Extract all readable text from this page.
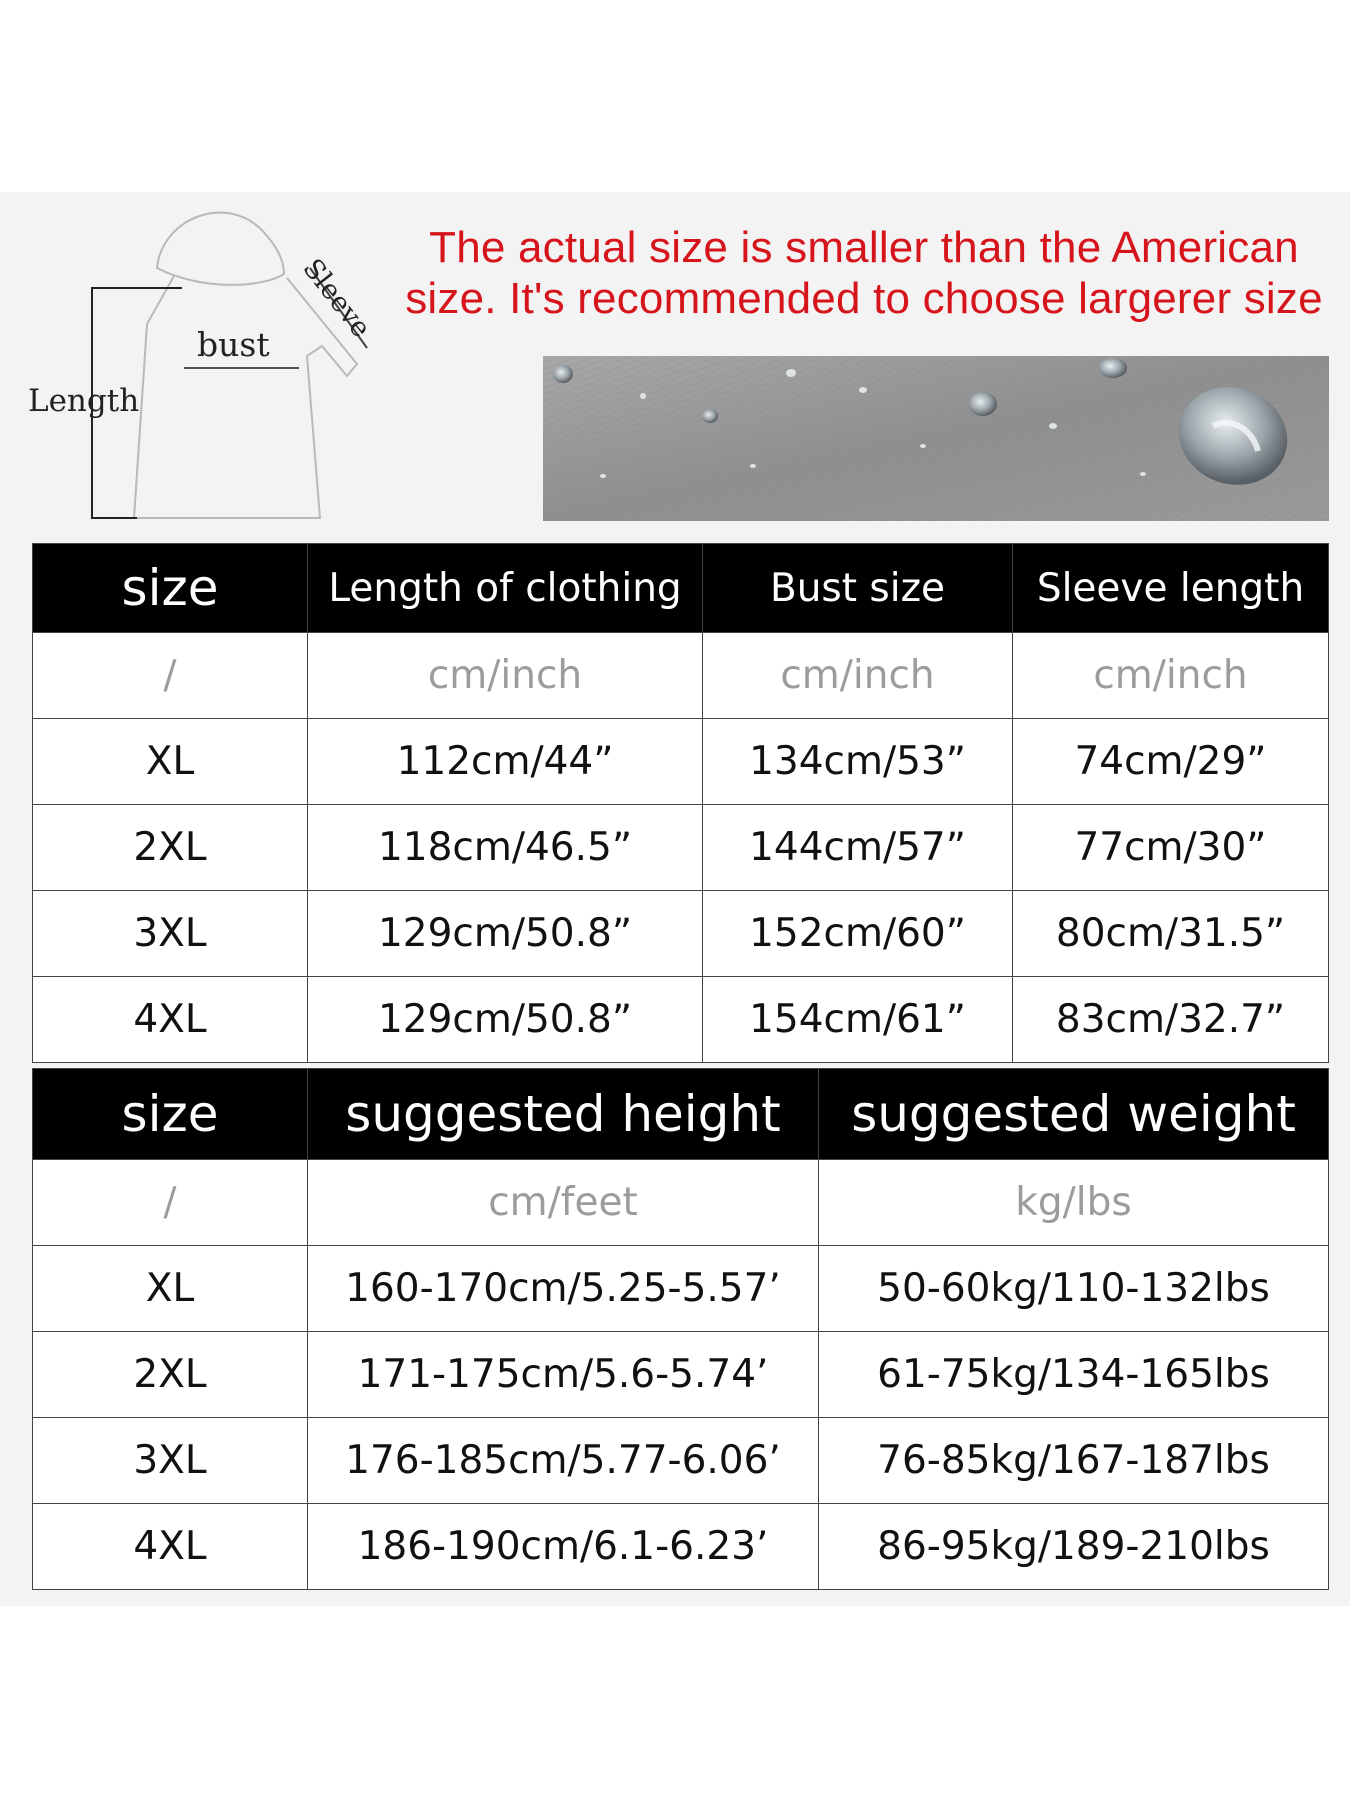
bust
Length
Sleeve
The actual size is smaller than the American
size. It's recommended to choose largerer size
size	Length of clothing	Bust size	Sleeve length
/	cm/inch	cm/inch	cm/inch
XL	112cm/44”	134cm/53”	74cm/29”
2XL	118cm/46.5”	144cm/57”	77cm/30”
3XL	129cm/50.8”	152cm/60”	80cm/31.5”
4XL	129cm/50.8”	154cm/61”	83cm/32.7”
size	suggested height	suggested weight
/	cm/feet	kg/lbs
XL	160-170cm/5.25-5.57’	50-60kg/110-132lbs
2XL	171-175cm/5.6-5.74’	61-75kg/134-165lbs
3XL	176-185cm/5.77-6.06’	76-85kg/167-187lbs
4XL	186-190cm/6.1-6.23’	86-95kg/189-210lbs
